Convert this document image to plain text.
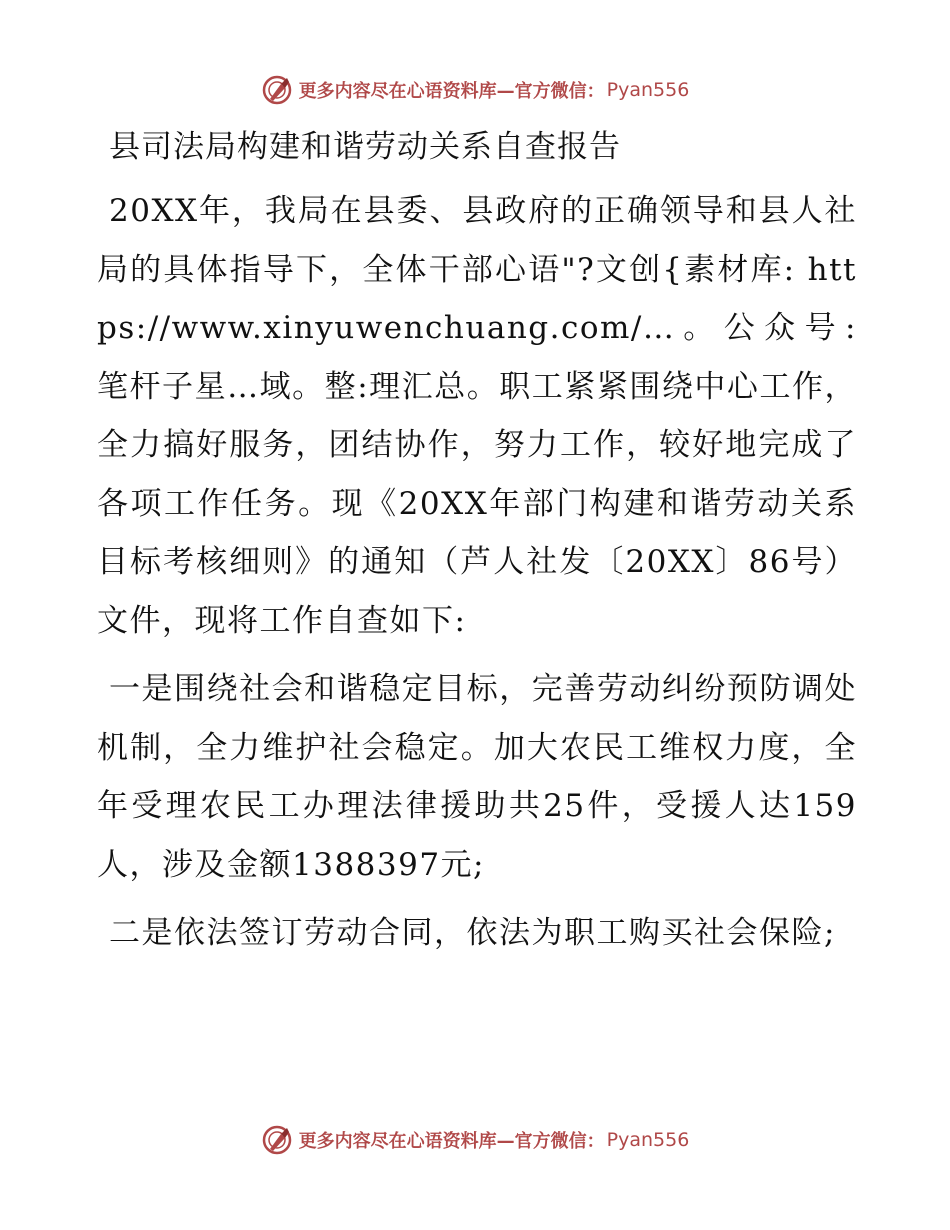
更多内容尽在心语资料库—官方微信： Pyan556
县司法局构建和谐劳动关系自查报告

20XX年，我局在县委、县政府的正确领导和县人社局的具体指导下，全体干部心语"?文创{素材库: https://www.xinyuwenchuang.com/…。公众号: 笔杆子星…域。整:理汇总。职工紧紧围绕中心工作，全力搞好服务，团结协作，努力工作，较好地完成了各项工作任务。现《20XX年部门构建和谐劳动关系目标考核细则》的通知（芦人社发〔20XX〕86号）文件，现将工作自查如下:

一是围绕社会和谐稳定目标，完善劳动纠纷预防调处机制，全力维护社会稳定。加大农民工维权力度，全年受理农民工办理法律援助共25件，受援人达159人，涉及金额1388397元;

二是依法签订劳动合同，依法为职工购买社会保险;

更多内容尽在心语资料库—官方微信： Pyan556
